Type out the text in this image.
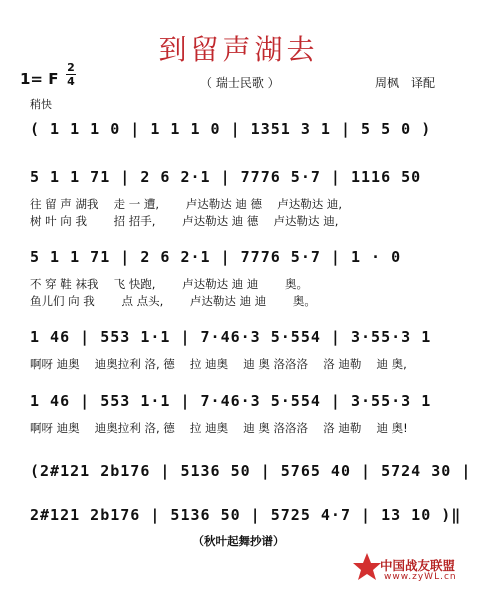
到留声湖去
1= F
2
4	（ 瑞士民歌 ）	周枫　译配
稍快
( 1 1 1 0 | 1 1 1 0 | 1351 3 1 | 5 5 0 )
5 1 1 71 | 2 6 2·1 | 7776 5·7 | 1116 50
往 留 声 湖我　 走 一 遭,　　 卢达勒达 迪 德　 卢达勒达 迪,
树 叶 向 我　　 招 招手,　　 卢达勒达 迪 德　 卢达勒达 迪,
5 1 1 71 | 2 6 2·1 | 7776 5·7 | 1 · 0
不 穿 鞋 袜我　 飞 快跑,　　 卢达勒达 迪 迪　　 奥。
鱼儿们 向 我　　 点 点头,　　 卢达勒达 迪 迪　　 奥。
1 46 | 553 1·1 | 7·46·3 5·554 | 3·55·3 1
啊呀 迪奥　 迪奥拉利 洛, 德　 拉 迪奥　 迪 奥 洛洛洛　 洛 迪勒　 迪 奥,
1 46 | 553 1·1 | 7·46·3 5·554 | 3·55·3 1
啊呀 迪奥　 迪奥拉利 洛, 德　 拉 迪奥　 迪 奥 洛洛洛　 洛 迪勒　 迪 奥!
(2#121 2b176 | 5136 50 | 5765 40 | 5724 30 |
2#121 2b176 | 5136 50 | 5725 4·7 | 13 10 )‖
（秋叶起舞抄谱）
中国战友联盟
www.zyWL.cn
